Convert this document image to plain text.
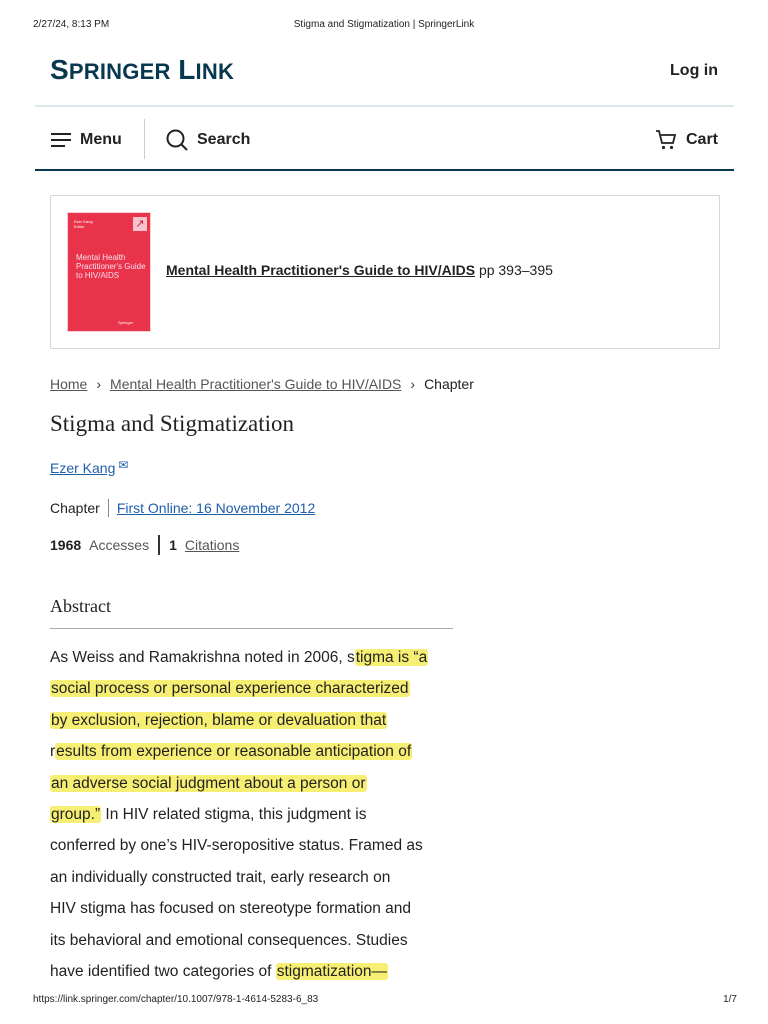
2/27/24, 8:13 PM	Stigma and Stigmatization | SpringerLink
SPRINGER LINK	Log in
Menu	Search	Cart
Ezer Kang
Editor	↗
Mental Health Practitioner's Guide to HIV/AIDS
Springer
Mental Health Practitioner's Guide to HIV/AIDS pp 393–395
Home › Mental Health Practitioner's Guide to HIV/AIDS › Chapter
Stigma and Stigmatization
Ezer Kang ✉
Chapter First Online: 16 November 2012
1968 Accesses 1 Citations
Abstract
As Weiss and Ramakrishna noted in 2006, stigma is “a
social process or personal experience characterized
by exclusion, rejection, blame or devaluation that
results from experience or reasonable anticipation of
an adverse social judgment about a person or
group.” In HIV related stigma, this judgment is
conferred by one’s HIV-seropositive status. Framed as
an individually constructed trait, early research on
HIV stigma has focused on stereotype formation and
its behavioral and emotional consequences. Studies
have identified two categories of stigmatization—
https://link.springer.com/chapter/10.1007/978-1-4614-5283-6_83	1/7
